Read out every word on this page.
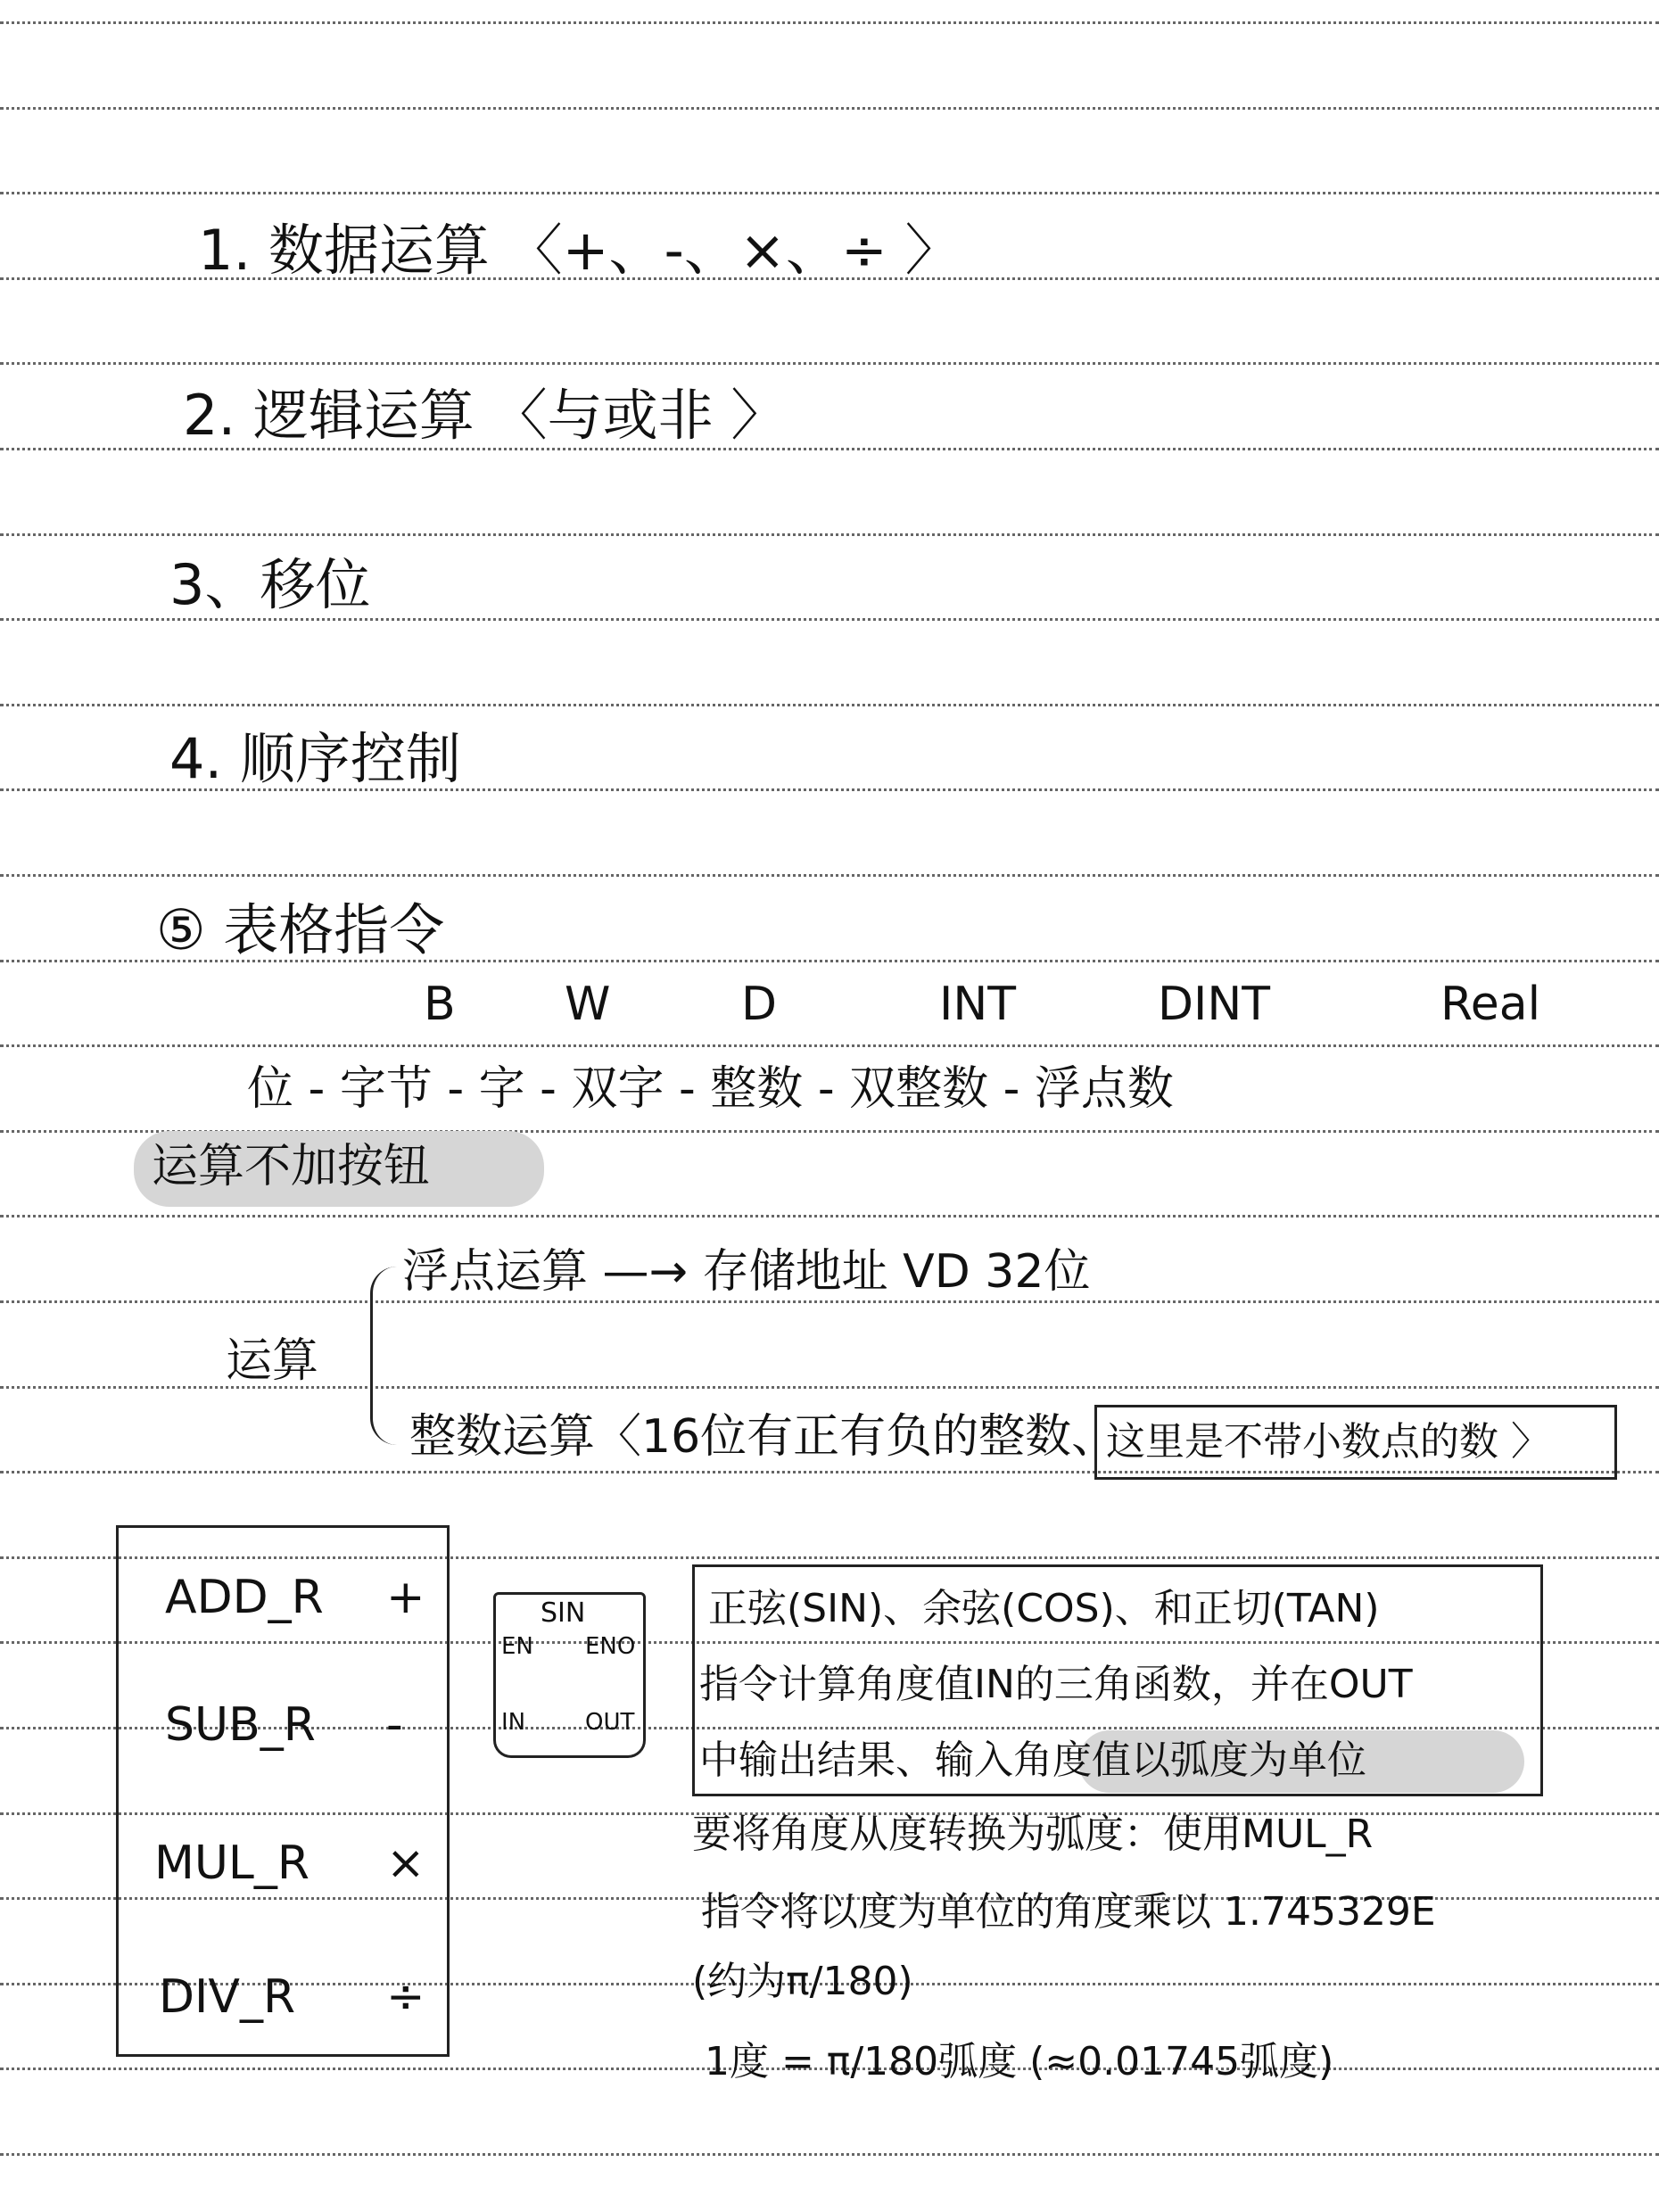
1. 数据运算 〈+、-、×、÷ 〉
2. 逻辑运算 〈与或非 〉
3、移位
4. 顺序控制
⑤ 表格指令
B W	D	INT	DINT	Real
位 - 字节 - 字 - 双字 - 整数 - 双整数 - 浮点数
运算不加按钮
浮点运算 —→ 存储地址 VD 32位
运算
整数运算〈16位有正有负的整数、
这里是不带小数点的数 〉
ADD_R +
SUB_R -
MUL_R ×
DIV_R ÷
SIN
EN ENO
IN	OUT
正弦(SIN)、余弦(COS)、和正切(TAN)
指令计算角度值IN的三角函数，并在OUT
中输出结果、输入角度值以弧度为单位
要将角度从度转换为弧度：使用MUL_R
指令将以度为单位的角度乘以 1.745329E
(约为π/180)
1度 = π/180弧度 (≈0.01745弧度)
